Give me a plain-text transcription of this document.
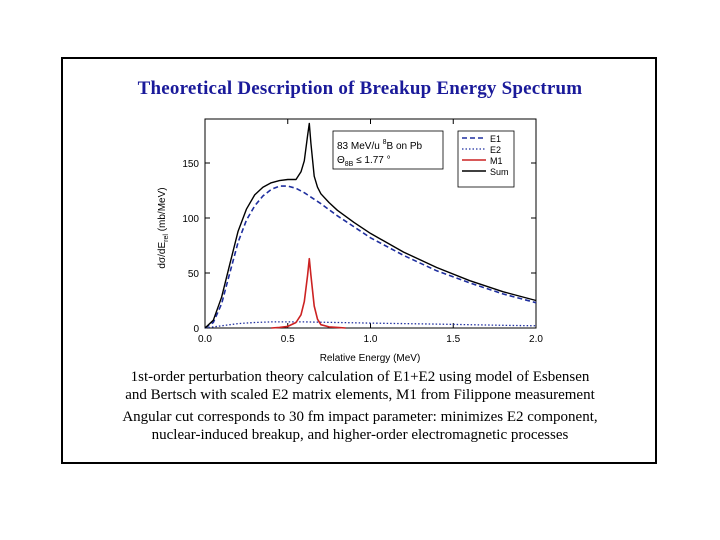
Theoretical Description of Breakup Energy Spectrum
0.0	0.5	1.0	1.5	2.0
0
50
100
150
Relative Energy (MeV)
$d\sigma/dE_{rel}$ (mb/MeV)
83 MeV/u $^8$B on Pb
$\Theta_{8B} \le 1.77$ °
E1
E2
M1
Sum
1st-order perturbation theory calculation of E1+E2 using model of Esbensen
and Bertsch with scaled E2 matrix elements, M1 from Filippone measurement
Angular cut corresponds to 30 fm impact parameter: minimizes E2 component,
nuclear-induced breakup, and higher-order electromagnetic processes
